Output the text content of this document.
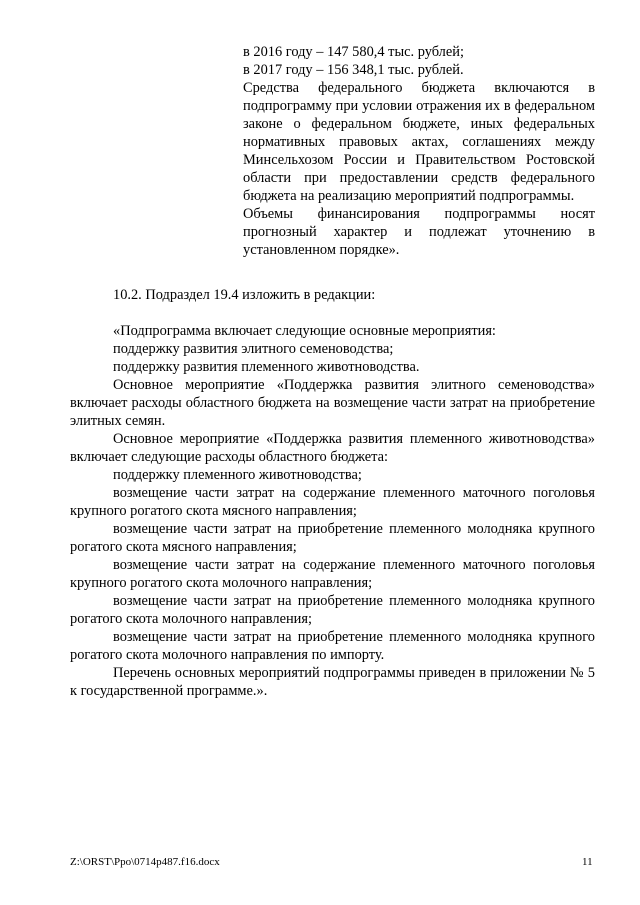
в 2016 году – 147 580,4 тыс. рублей;

в 2017 году – 156 348,1 тыс. рублей.

Средства федерального бюджета включаются в подпрограмму при условии отражения их в федеральном законе о федеральном бюджете, иных федеральных нормативных правовых актах, соглашениях между Минсельхозом России и Правительством Ростовской области при предоставлении средств федерального бюджета на реализацию мероприятий подпрограммы.

Объемы финансирования подпрограммы носят прогнозный характер и подлежат уточнению в установленном порядке».

10.2. Подраздел 19.4 изложить в редакции:

«Подпрограмма включает следующие основные мероприятия:

поддержку развития элитного семеноводства;

поддержку развития племенного животноводства.

Основное мероприятие «Поддержка развития элитного семеноводства» включает расходы областного бюджета на возмещение части затрат на приобретение элитных семян.

Основное мероприятие «Поддержка развития племенного животноводства» включает следующие расходы областного бюджета:

поддержку племенного животноводства;

возмещение части затрат на содержание племенного маточного поголовья крупного рогатого скота мясного направления;

возмещение части затрат на приобретение племенного молодняка крупного рогатого скота мясного направления;

возмещение части затрат на содержание племенного маточного поголовья крупного рогатого скота молочного направления;

возмещение части затрат на приобретение племенного молодняка крупного рогатого скота молочного направления;

возмещение части затрат на приобретение племенного молодняка крупного рогатого скота молочного направления по импорту.

Перечень основных мероприятий подпрограммы приведен в приложении № 5 к государственной программе.».

Z:\ORST\Ppo\0714p487.f16.docx	11
